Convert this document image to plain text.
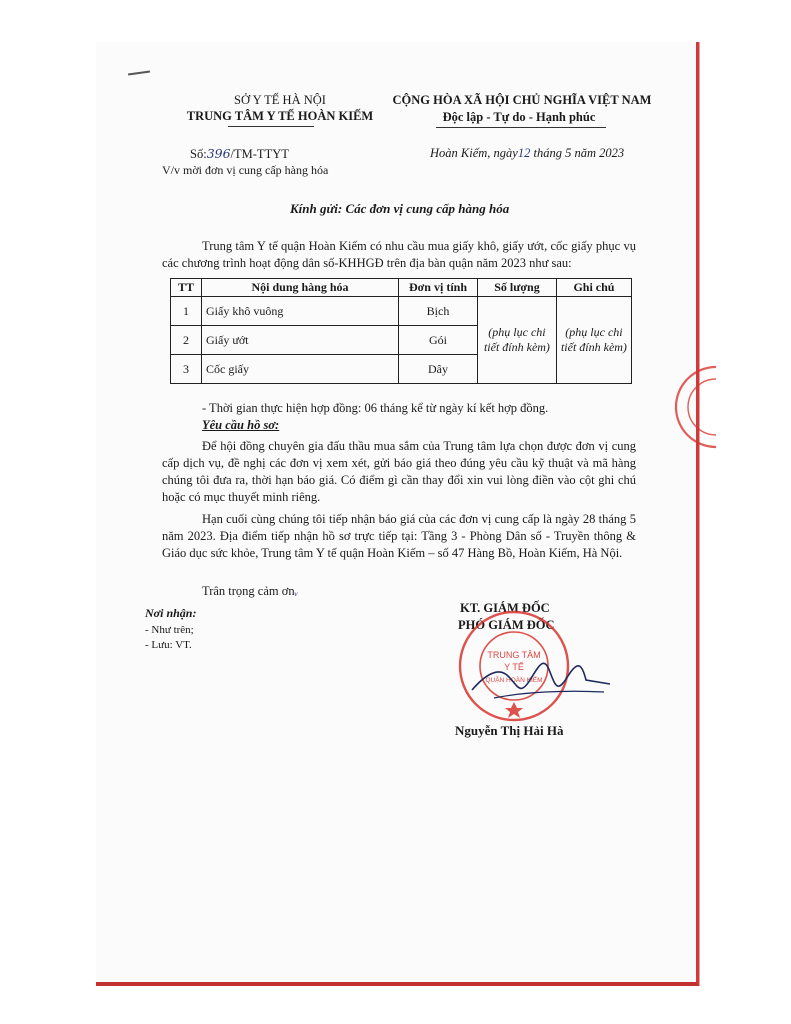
SỞ Y TẾ HÀ NỘI
TRUNG TÂM Y TẾ HOÀN KIẾM
CỘNG HÒA XÃ HỘI CHỦ NGHĨA VIỆT NAM
Độc lập - Tự do - Hạnh phúc
Số:396/TM-TTYT
V/v mời đơn vị cung cấp hàng hóa
Hoàn Kiếm, ngày12 tháng 5 năm 2023
Kính gửi: Các đơn vị cung cấp hàng hóa
Trung tâm Y tế quận Hoàn Kiếm có nhu cầu mua giấy khô, giấy ướt, cốc giấy phục vụ các chương trình hoạt động dân số-KHHGĐ trên địa bàn quận năm 2023 như sau:
TT	Nội dung hàng hóa	Đơn vị tính	Số lượng	Ghi chú
1	Giấy khô vuông	Bịch	(phụ lục chi tiết đính kèm)	(phụ lục chi tiết đính kèm)
2	Giấy ướt	Gói		
3	Cốc giấy	Dây		
- Thời gian thực hiện hợp đồng: 06 tháng kể từ ngày kí kết hợp đồng.
Yêu cầu hồ sơ:
Để hội đồng chuyên gia đấu thầu mua sắm của Trung tâm lựa chọn được đơn vị cung cấp dịch vụ, đề nghị các đơn vị xem xét, gửi báo giá theo đúng yêu cầu kỹ thuật và mã hàng chúng tôi đưa ra, thời hạn báo giá. Có điểm gì cần thay đổi xin vui lòng điền vào cột ghi chú hoặc có mục thuyết minh riêng.
Hạn cuối cùng chúng tôi tiếp nhận báo giá của các đơn vị cung cấp là ngày 28 tháng 5 năm 2023. Địa điểm tiếp nhận hồ sơ trực tiếp tại: Tầng 3 - Phòng Dân số - Truyền thông & Giáo dục sức khỏe, Trung tâm Y tế quận Hoàn Kiếm – số 47 Hàng Bồ, Hoàn Kiếm, Hà Nội.
Trân trọng cảm ơnᵥ
Nơi nhận:
- Như trên;
- Lưu: VT.
KT. GIÁM ĐỐC
PHÓ GIÁM ĐỐC
TRUNG TÂM
Y TẾ
QUẬN HOÀN KIẾM
Nguyễn Thị Hải Hà
